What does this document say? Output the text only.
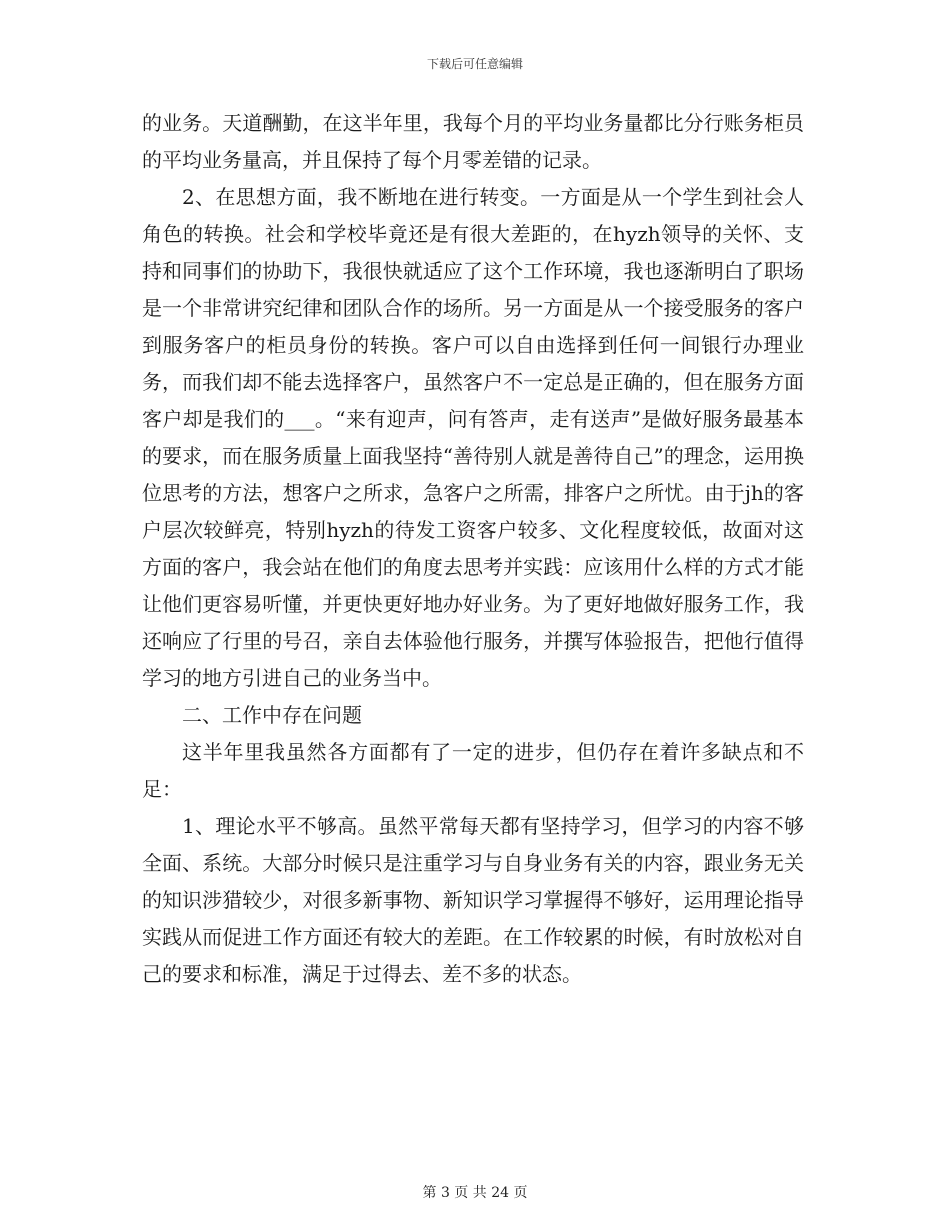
下载后可任意编辑

的业务。天道酬勤，在这半年里，我每个月的平均业务量都比分行账务柜员的平均业务量高，并且保持了每个月零差错的记录。

2、在思想方面，我不断地在进行转变。一方面是从一个学生到社会人角色的转换。社会和学校毕竟还是有很大差距的，在hyzh领导的关怀、支持和同事们的协助下，我很快就适应了这个工作环境，我也逐渐明白了职场是一个非常讲究纪律和团队合作的场所。另一方面是从一个接受服务的客户到服务客户的柜员身份的转换。客户可以自由选择到任何一间银行办理业务，而我们却不能去选择客户，虽然客户不一定总是正确的，但在服务方面客户却是我们的___。“来有迎声，问有答声，走有送声”是做好服务最基本的要求，而在服务质量上面我坚持“善待别人就是善待自己”的理念，运用换位思考的方法，想客户之所求，急客户之所需，排客户之所忧。由于jh的客户层次较鲜亮，特别hyzh的待发工资客户较多、文化程度较低，故面对这方面的客户，我会站在他们的角度去思考并实践：应该用什么样的方式才能让他们更容易听懂，并更快更好地办好业务。为了更好地做好服务工作，我还响应了行里的号召，亲自去体验他行服务，并撰写体验报告，把他行值得学习的地方引进自己的业务当中。

二、工作中存在问题

这半年里我虽然各方面都有了一定的进步，但仍存在着许多缺点和不足：

1、理论水平不够高。虽然平常每天都有坚持学习，但学习的内容不够全面、系统。大部分时候只是注重学习与自身业务有关的内容，跟业务无关的知识涉猎较少，对很多新事物、新知识学习掌握得不够好，运用理论指导实践从而促进工作方面还有较大的差距。在工作较累的时候，有时放松对自己的要求和标准，满足于过得去、差不多的状态。

第 3 页 共 24 页
